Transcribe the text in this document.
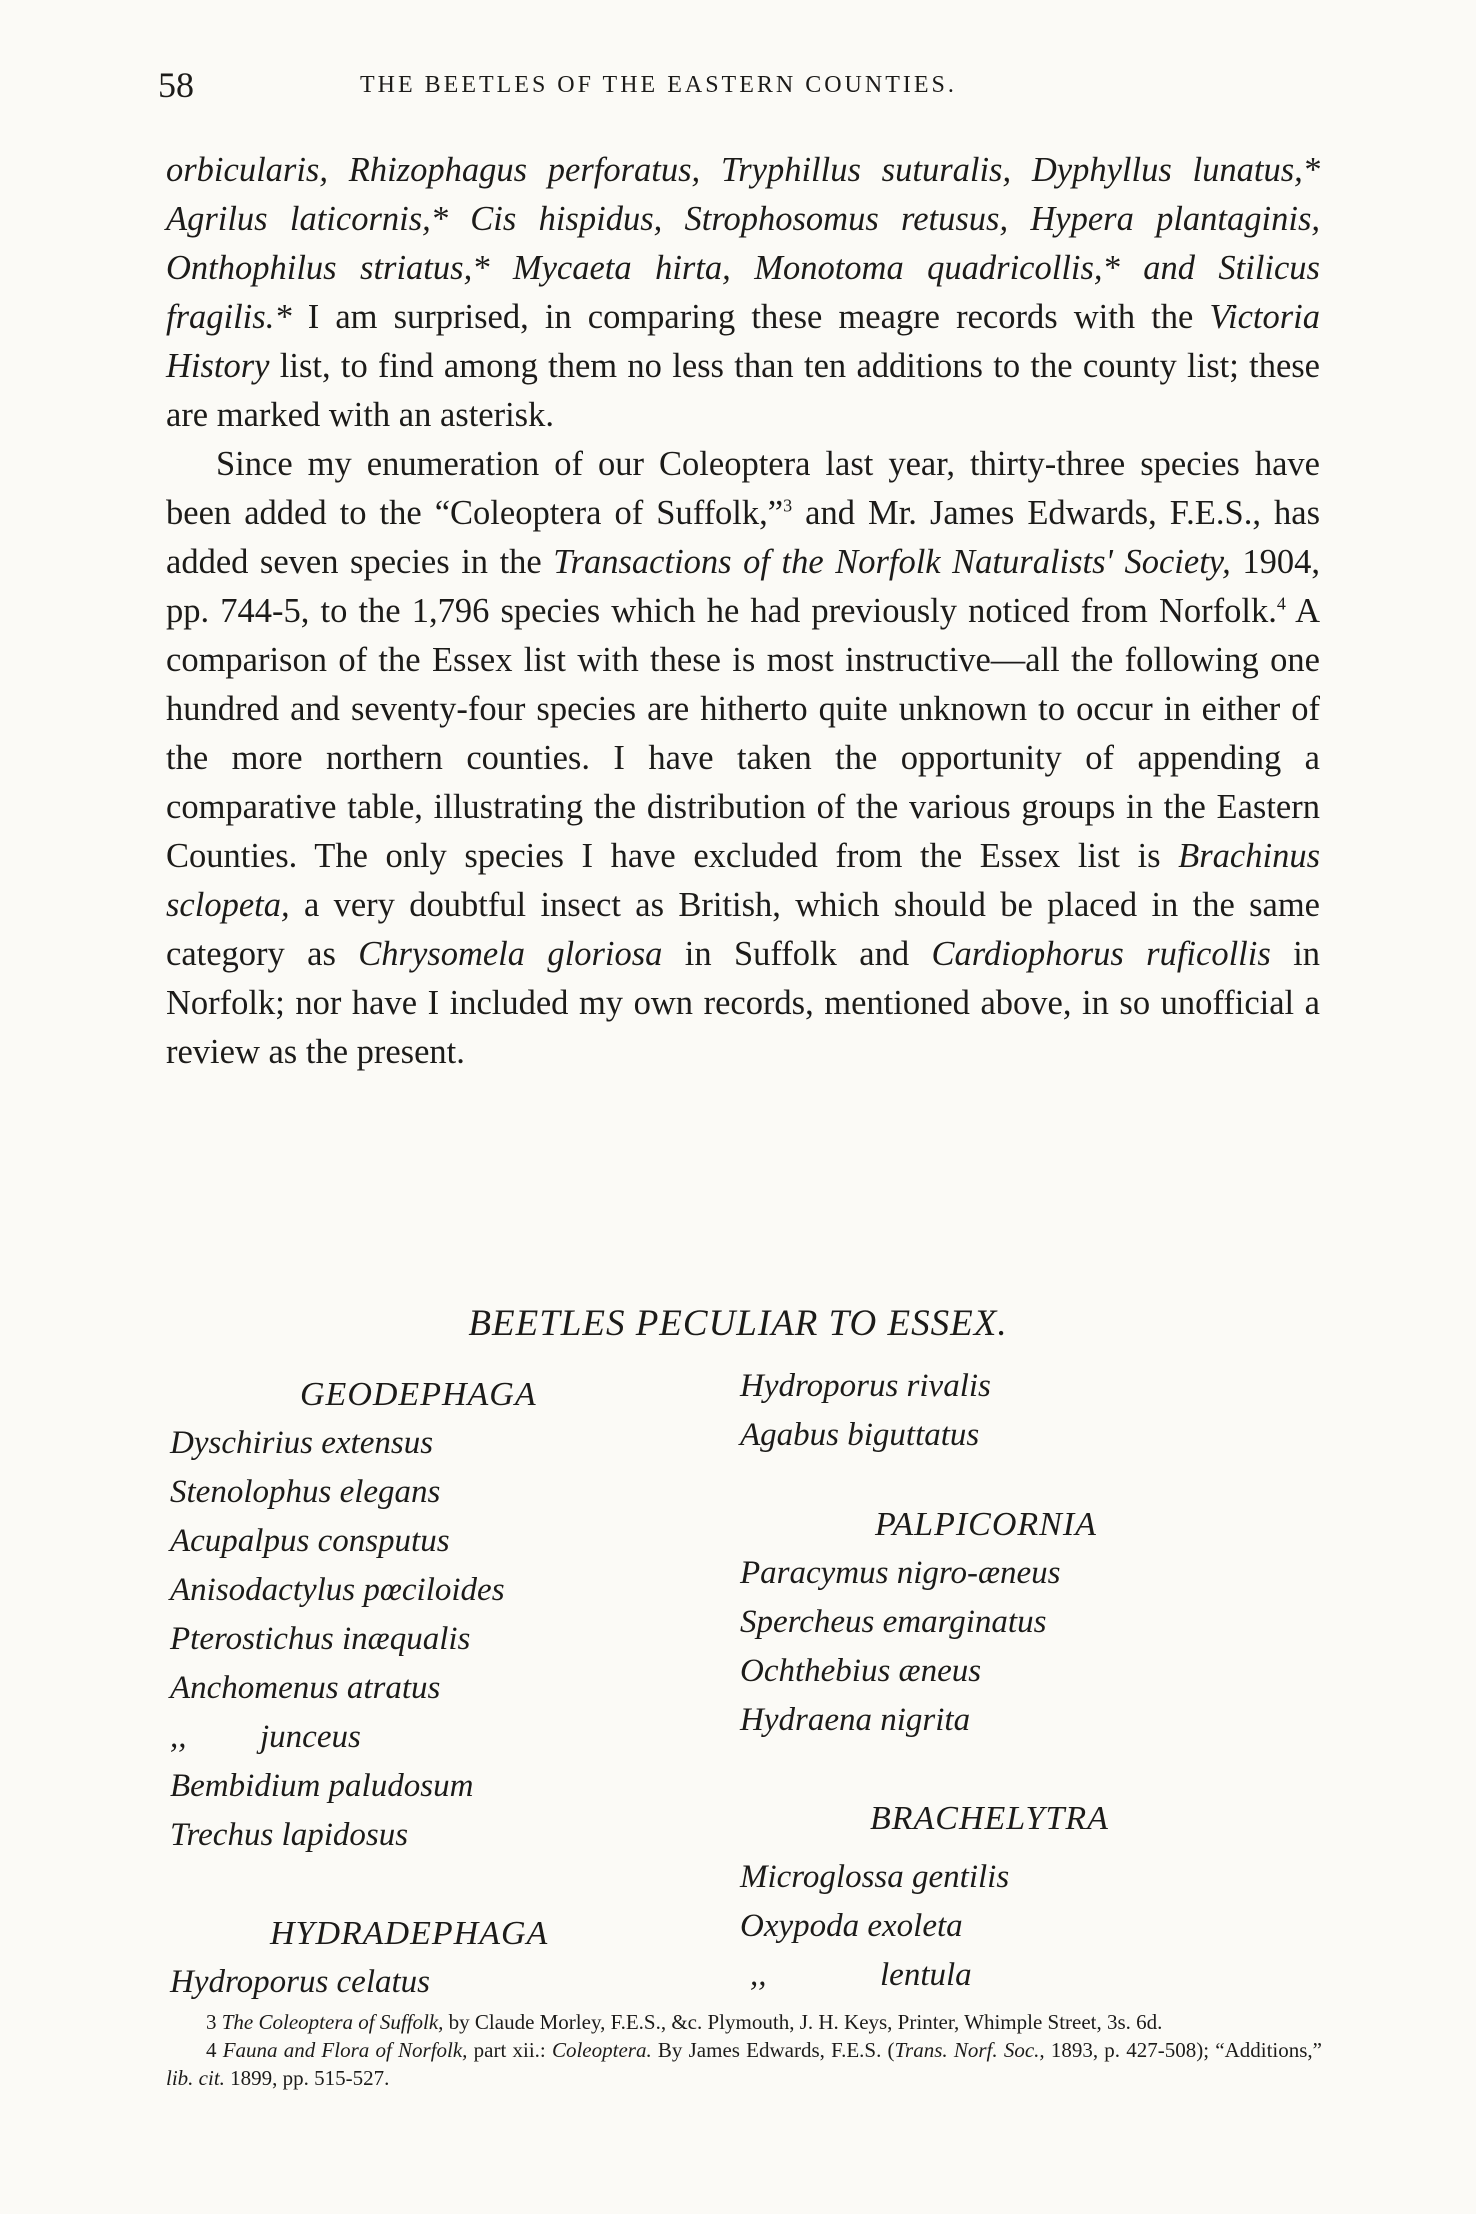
58	THE BEETLES OF THE EASTERN COUNTIES.

orbicularis, Rhizophagus perforatus, Tryphillus suturalis, Dyphyllus lunatus,* Agrilus laticornis,* Cis hispidus, Strophosomus retusus, Hypera plantaginis, Onthophilus striatus,* Mycaeta hirta, Monotoma quadricollis,* and Stilicus fragilis.* I am surprised, in comparing these meagre records with the Victoria History list, to find among them no less than ten additions to the county list; these are marked with an asterisk.

Since my enumeration of our Coleoptera last year, thirty-three species have been added to the “Coleoptera of Suffolk,”$^3$ and Mr. James Edwards, F.E.S., has added seven species in the Transactions of the Norfolk Naturalists' Society, 1904, pp. 744-5, to the 1,796 species which he had previously noticed from Norfolk.$^4$ A comparison of the Essex list with these is most instructive—all the following one hundred and seventy-four species are hitherto quite unknown to occur in either of the more northern counties. I have taken the opportunity of appending a comparative table, illustrating the distribution of the various groups in the Eastern Counties. The only species I have excluded from the Essex list is Brachinus sclopeta, a very doubtful insect as British, which should be placed in the same category as Chrysomela gloriosa in Suffolk and Cardiophorus ruficollis in Norfolk; nor have I included my own records, mentioned above, in so unofficial a review as the present.

BEETLES PECULIAR TO ESSEX.
GEODEPHAGA
Dyschirius extensus
Stenolophus elegans
Acupalpus consputus
Anisodactylus pœciloides
Pterostichus inæqualis
Anchomenus atratus
,, junceus
Bembidium paludosum
Trechus lapidosus
HYDRADEPHAGA
Hydroporus celatus
Hydroporus rivalis
Agabus biguttatus
PALPICORNIA
Paracymus nigro-æneus
Spercheus emarginatus
Ochthebius æneus
Hydraena nigrita
BRACHELYTRA
Microglossa gentilis
Oxypoda exoleta
,,	lentula

3 The Coleoptera of Suffolk, by Claude Morley, F.E.S., &c. Plymouth, J. H. Keys, Printer, Whimple Street, 3s. 6d.

4 Fauna and Flora of Norfolk, part xii.: Coleoptera. By James Edwards, F.E.S. (Trans. Norf. Soc., 1893, p. 427-508); “Additions,” lib. cit. 1899, pp. 515-527.
